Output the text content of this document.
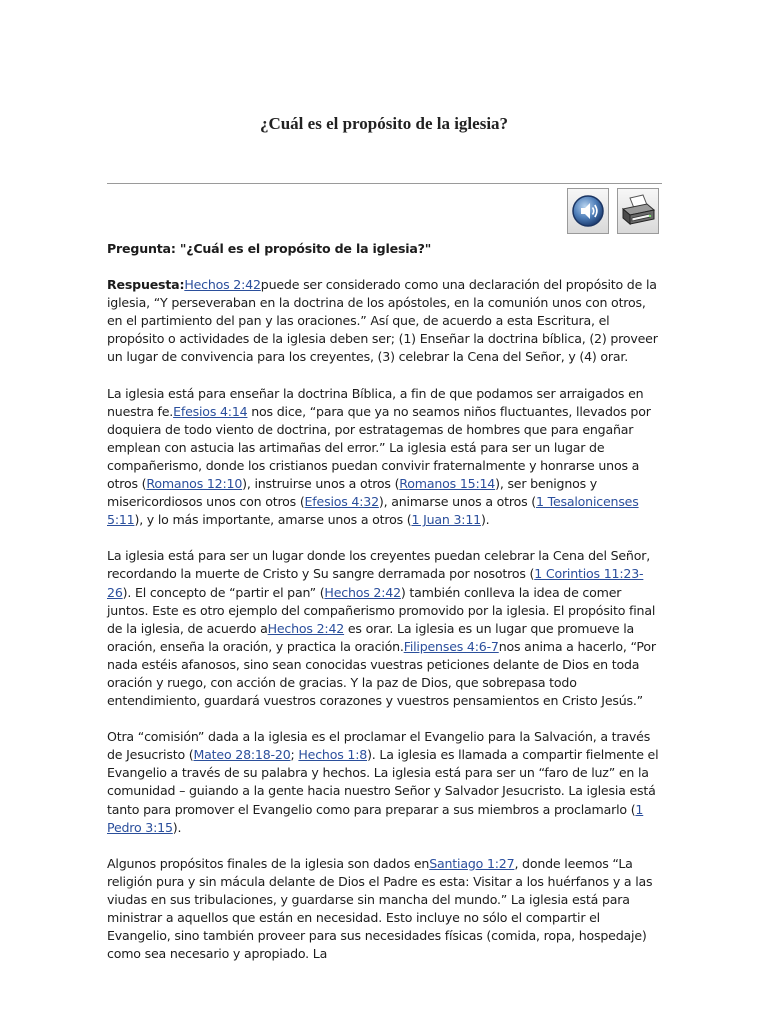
¿Cuál es el propósito de la iglesia?

Pregunta: "¿Cuál es el propósito de la iglesia?"

Respuesta:Hechos 2:42puede ser considerado como una declaración del propósito de la iglesia, “Y perseveraban en la doctrina de los apóstoles, en la comunión unos con otros, en el partimiento del pan y las oraciones.” Así que, de acuerdo a esta Escritura, el propósito o actividades de la iglesia deben ser; (1) Enseñar la doctrina bíblica, (2) proveer un lugar de convivencia para los creyentes, (3) celebrar la Cena del Señor, y (4) orar.

La iglesia está para enseñar la doctrina Bíblica, a fin de que podamos ser arraigados en nuestra fe.Efesios 4:14 nos dice, “para que ya no seamos niños fluctuantes, llevados por doquiera de todo viento de doctrina, por estratagemas de hombres que para engañar emplean con astucia las artimañas del error.” La iglesia está para ser un lugar de compañerismo, donde los cristianos puedan convivir fraternalmente y honrarse unos a otros (Romanos 12:10), instruirse unos a otros (Romanos 15:14), ser benignos y misericordiosos unos con otros (Efesios 4:32), animarse unos a otros (1 Tesalonicenses 5:11), y lo más importante, amarse unos a otros (1 Juan 3:11).

La iglesia está para ser un lugar donde los creyentes puedan celebrar la Cena del Señor, recordando la muerte de Cristo y Su sangre derramada por nosotros (1 Corintios 11:23-26). El concepto de “partir el pan” (Hechos 2:42) también conlleva la idea de comer juntos. Este es otro ejemplo del compañerismo promovido por la iglesia. El propósito final de la iglesia, de acuerdo aHechos 2:42 es orar. La iglesia es un lugar que promueve la oración, enseña la oración, y practica la oración.Filipenses 4:6-7nos anima a hacerlo, “Por nada estéis afanosos, sino sean conocidas vuestras peticiones delante de Dios en toda oración y ruego, con acción de gracias. Y la paz de Dios, que sobrepasa todo entendimiento, guardará vuestros corazones y vuestros pensamientos en Cristo Jesús.”

Otra “comisión” dada a la iglesia es el proclamar el Evangelio para la Salvación, a través de Jesucristo (Mateo 28:18-20; Hechos 1:8). La iglesia es llamada a compartir fielmente el Evangelio a través de su palabra y hechos. La iglesia está para ser un “faro de luz” en la comunidad – guiando a la gente hacia nuestro Señor y Salvador Jesucristo. La iglesia está tanto para promover el Evangelio como para preparar a sus miembros a proclamarlo (1 Pedro 3:15).

Algunos propósitos finales de la iglesia son dados enSantiago 1:27, donde leemos “La religión pura y sin mácula delante de Dios el Padre es esta: Visitar a los huérfanos y a las viudas en sus tribulaciones, y guardarse sin mancha del mundo.” La iglesia está para ministrar a aquellos que están en necesidad. Esto incluye no sólo el compartir el Evangelio, sino también proveer para sus necesidades físicas (comida, ropa, hospedaje) como sea necesario y apropiado. La
